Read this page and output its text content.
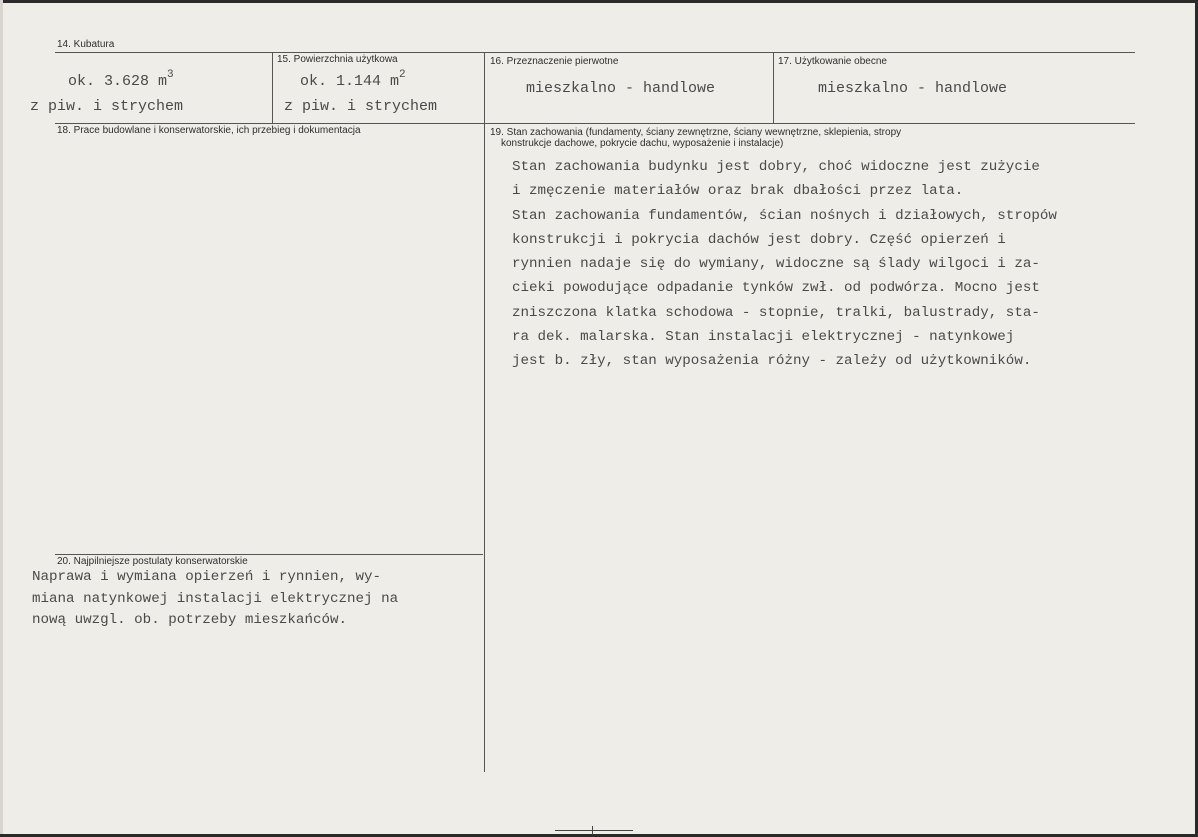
14. Kubatura
ok. 3.628 $m^3$
z piw. i strychem
15. Powierzchnia użytkowa
ok. 1.144 $m^2$
z piw. i strychem
16. Przeznaczenie pierwotne
mieszkalno - handlowe
17. Użytkowanie obecne
mieszkalno - handlowe
18. Prace budowlane i konserwatorskie, ich przebieg i dokumentacja	19. Stan zachowania (fundamenty, ściany zewnętrzne, ściany wewnętrzne, sklepienia, stropy
konstrukcje dachowe, pokrycie dachu, wyposażenie i instalacje)
Stan zachowania budynku jest dobry, choć widoczne jest zużycie
i zmęczenie materiałów oraz brak dbałości przez lata.
Stan zachowania fundamentów, ścian nośnych i działowych, stropów
konstrukcji i pokrycia dachów jest dobry. Część opierzeń i
rynnien nadaje się do wymiany, widoczne są ślady wilgoci i za-
cieki powodujące odpadanie tynków zwł. od podwórza. Mocno jest
zniszczona klatka schodowa - stopnie, tralki, balustrady, sta-
ra dek. malarska. Stan instalacji elektrycznej - natynkowej
jest b. zły, stan wyposażenia różny - zależy od użytkowników.
20. Najpilniejsze postulaty konserwatorskie
Naprawa i wymiana opierzeń i rynnien, wy-
miana natynkowej instalacji elektrycznej na
nową uwzgl. ob. potrzeby mieszkańców.
